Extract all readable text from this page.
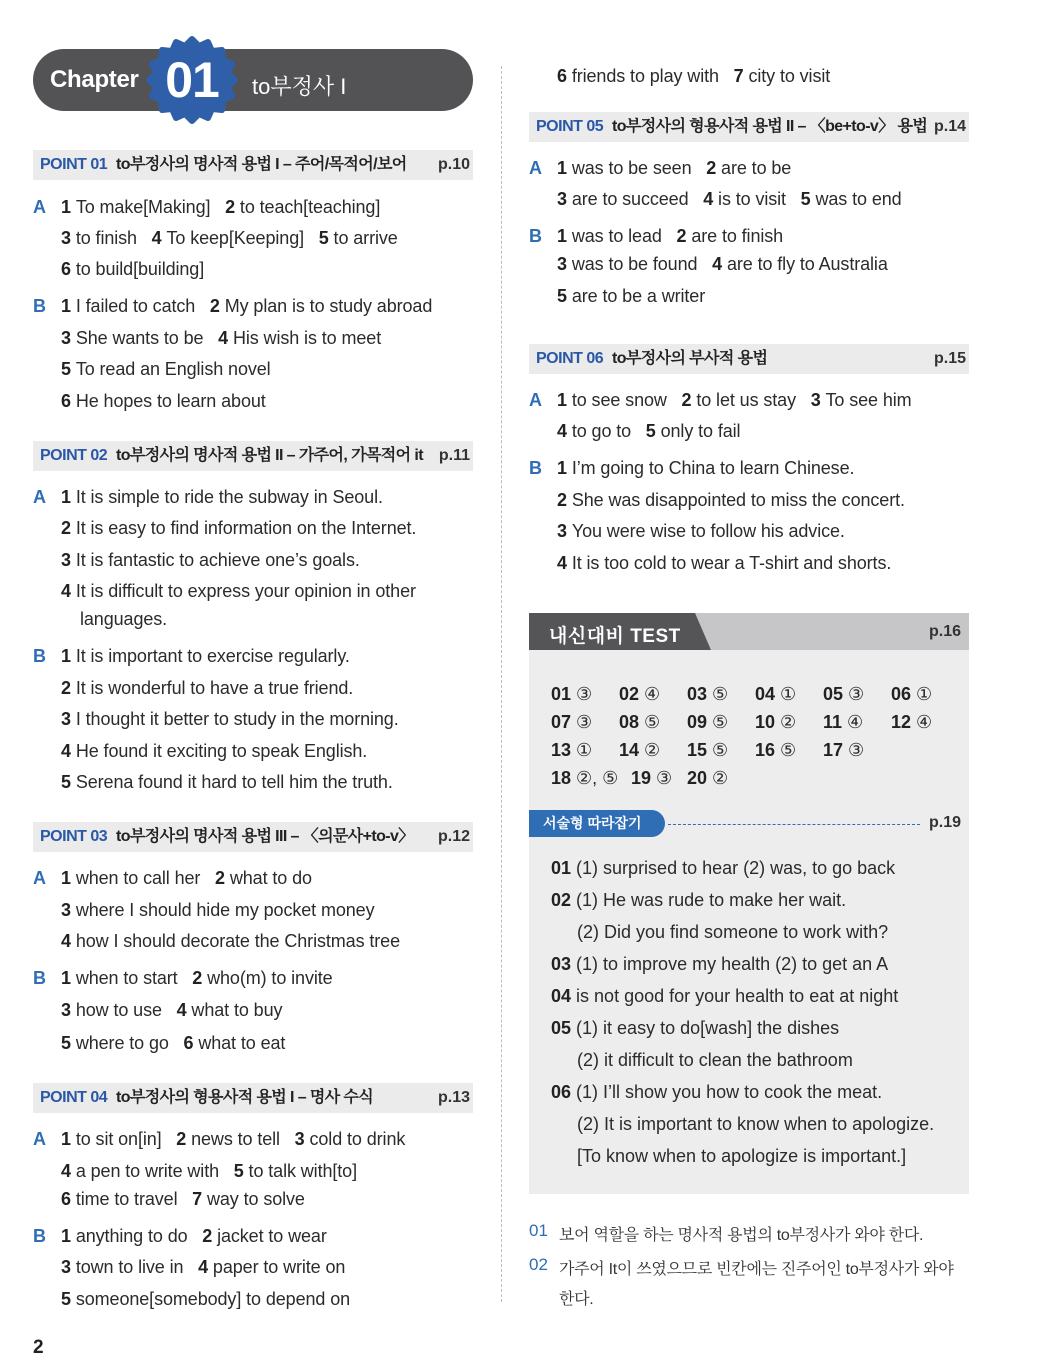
Chapter 01	to부정사 I
POINT 01 to부정사의 명사적 용법 I – 주어/목적어/보어 p.10
A 1 To make[Making] 2 to teach[teaching]
3 to finish 4 To keep[Keeping] 5 to arrive
6 to build[building]
B 1 I failed to catch 2 My plan is to study abroad
3 She wants to be 4 His wish is to meet
5 To read an English novel
6 He hopes to learn about
POINT 02 to부정사의 명사적 용법 II – 가주어, 가목적어 it p.11
A 1 It is simple to ride the subway in Seoul.
2 It is easy to find information on the Internet.
3 It is fantastic to achieve one’s goals.
4 It is difficult to express your opinion in other
languages.
B 1 It is important to exercise regularly.
2 It is wonderful to have a true friend.
3 I thought it better to study in the morning.
4 He found it exciting to speak English.
5 Serena found it hard to tell him the truth.
POINT 03 to부정사의 명사적 용법 III – 〈의문사+to-v〉 p.12
A 1 when to call her 2 what to do
3 where I should hide my pocket money
4 how I should decorate the Christmas tree
B 1 when to start 2 who(m) to invite
3 how to use 4 what to buy
5 where to go 6 what to eat
POINT 04 to부정사의 형용사적 용법 I – 명사 수식	p.13
A 1 to sit on[in] 2 news to tell 3 cold to drink
4 a pen to write with 5 to talk with[to]
6 time to travel 7 way to solve
B 1 anything to do 2 jacket to wear
3 town to live in 4 paper to write on
5 someone[somebody] to depend on
6 friends to play with 7 city to visit
POINT 05 to부정사의 형용사적 용법 II – 〈be+to-v〉 용법 p.14
A 1 was to be seen 2 are to be
3 are to succeed 4 is to visit 5 was to end
B 1 was to lead 2 are to finish
3 was to be found 4 are to fly to Australia
5 are to be a writer
POINT 06 to부정사의 부사적 용법	p.15
A 1 to see snow 2 to let us stay 3 To see him
4 to go to 5 only to fail
B 1 I’m going to China to learn Chinese.
2 She was disappointed to miss the concert.
3 You were wise to follow his advice.
4 It is too cold to wear a T-shirt and shorts.
내신대비 TEST	p.16
01 ③ 02 ④ 03 ⑤ 04 ① 05 ③ 06 ①
07 ③ 08 ⑤ 09 ⑤ 10 ② 11 ④ 12 ④
13 ① 14 ② 15 ⑤ 16 ⑤ 17 ③
18 ②, ⑤ 19 ③ 20 ②
서술형 따라잡기	p.19
01 (1) surprised to hear (2) was, to go back
02 (1) He was rude to make her wait.
(2) Did you find someone to work with?
03 (1) to improve my health (2) to get an A
04 is not good for your health to eat at night
05 (1) it easy to do[wash] the dishes
(2) it difficult to clean the bathroom
06 (1) I’ll show you how to cook the meat.
(2) It is important to know when to apologize.
[To know when to apologize is important.]
01 보어 역할을 하는 명사적 용법의 to부정사가 와야 한다.
02 가주어 It이 쓰였으므로 빈칸에는 진주어인 to부정사가 와야
한다.
2
